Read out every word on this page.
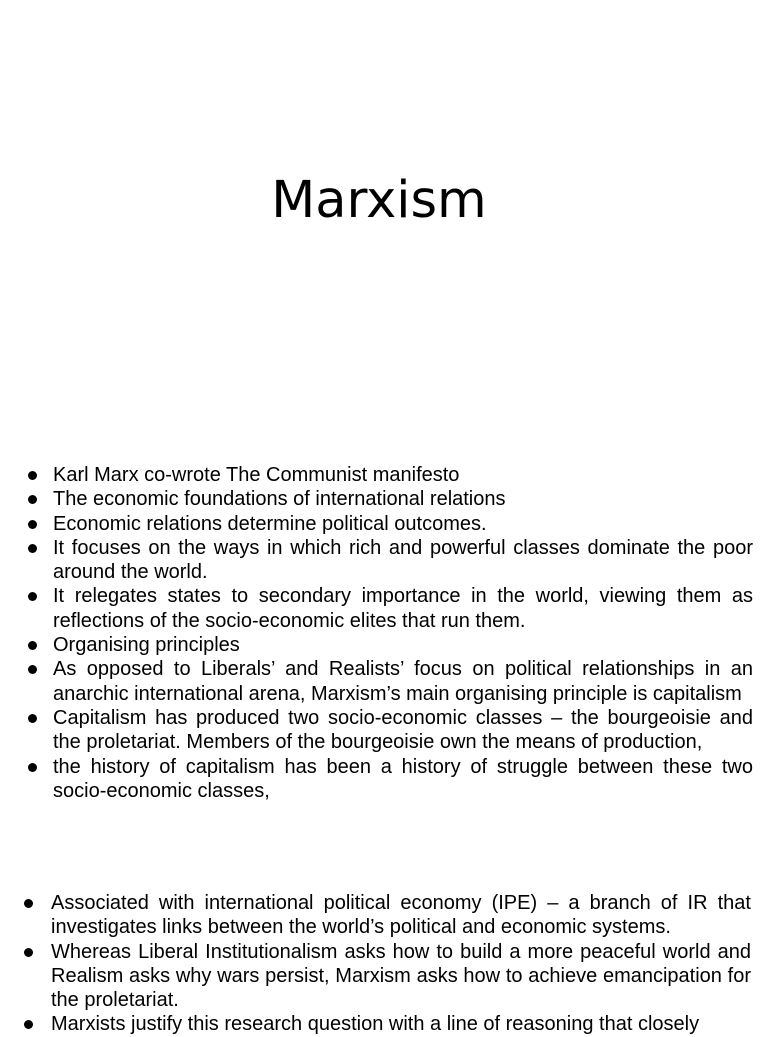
Marxism
Karl Marx co-wrote The Communist manifesto
The economic foundations of international relations
Economic relations determine political outcomes.
It focuses on the ways in which rich and powerful classes dominate the poor around the world.
It relegates states to secondary importance in the world, viewing them as reflections of the socio-economic elites that run them.
Organising principles
As opposed to Liberals’ and Realists’ focus on political relationships in an anarchic international arena, Marxism’s main organising principle is capitalism
Capitalism has produced two socio-economic classes – the bourgeoisie and the proletariat. Members of the bourgeoisie own the means of production,
the history of capitalism has been a history of struggle between these two socio-economic classes,
Associated with international political economy (IPE) – a branch of IR that investigates links between the world’s political and economic systems.
Whereas Liberal Institutionalism asks how to build a more peaceful world and Realism asks why wars persist, Marxism asks how to achieve emancipation for the proletariat.
Marxists justify this research question with a line of reasoning that closely
